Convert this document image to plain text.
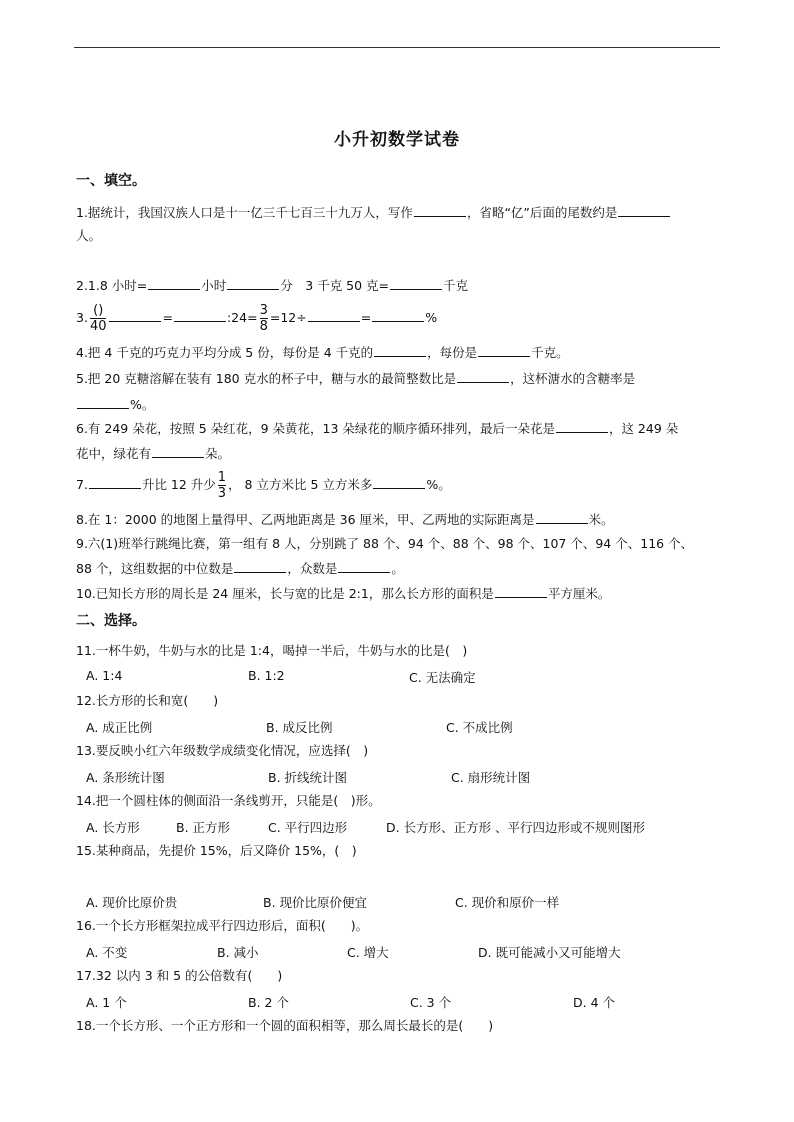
小升初数学试卷
一、填空。
1.据统计，我国汉族人口是十一亿三千七百三十九万人，写作	，省略“亿”后面的尾数约是
人。
2.1.8 小时=	小时	分　3 千克 50 克=	千克
3. $\frac{()}{40}$	=	:24= $\frac{3}{8} =12\div$	=	%
4.把 4 千克的巧克力平均分成 5 份，每份是 4 千克的	，每份是	千克。
5.把 20 克糖溶解在装有 180 克水的杯子中，糖与水的最简整数比是	，这杯溏水的含糖率是
%。
6.有 249 朵花，按照 5 朵红花，9 朵黄花，13 朵绿花的顺序循环排列，最后一朵花是	，这 249 朵
花中，绿花有	朵。
7.	升比 12 升少 $\frac{1}{3}$ ， 8 立方米比 5 立方米多	%。
8.在 1：2000 的地图上量得甲、乙两地距离是 36 厘米，甲、乙两地的实际距离是	米。
9.六(1)班举行跳绳比赛，第一组有 8 人，分别跳了 88 个、94 个、88 个、98 个、107 个、94 个、116 个、
88 个，这组数据的中位数是	，众数是	。
10.已知长方形的周长是 24 厘米，长与宽的比是 2:1，那么长方形的面积是	平方厘米。
二、选择。
11.一杯牛奶，牛奶与水的比是 1:4，喝掉一半后，牛奶与水的比是(　)
A. 1:4	B. 1:2	C. 无法确定
12.长方形的长和宽(　　)
A. 成正比例	B. 成反比例	C. 不成比例
13.要反映小红六年级数学成绩变化情况，应选择(　)
A. 条形统计图	B. 折线统计图	C. 扇形统计图
14.把一个圆柱体的侧面沿一条线剪开，只能是(　)形。
A. 长方形	B. 正方形	C. 平行四边形	D. 长方形、正方形 、平行四边形或不规则图形
15.某种商品，先提价 15%，后又降价 15%，(　)
A. 现价比原价贵	B. 现价比原价便宜	C. 现价和原价一样
16.一个长方形框架拉成平行四边形后，面积(　　)。
A. 不变	B. 减小	C. 增大	D. 既可能减小又可能增大
17.32 以内 3 和 5 的公倍数有(　　)
A. 1 个	B. 2 个	C. 3 个	D. 4 个
18.一个长方形、一个正方形和一个圆的面积相等，那么周长最长的是(　　)
